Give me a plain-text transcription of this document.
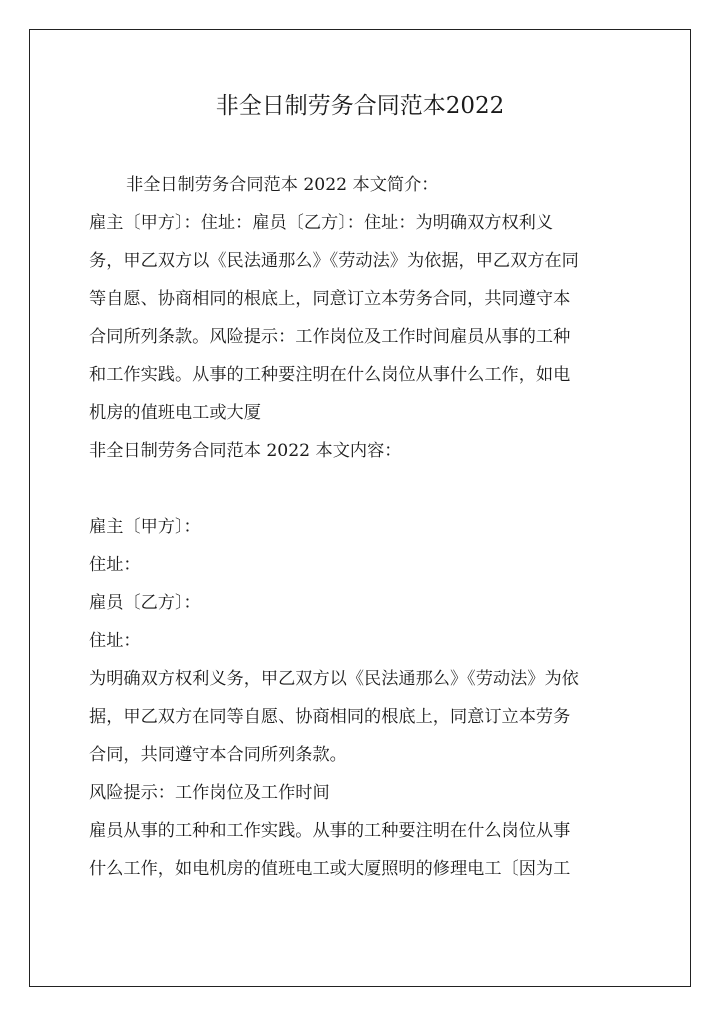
非全日制劳务合同范本2022
非全日制劳务合同范本 2022 本文简介：
雇主〔甲方〕：住址：雇员〔乙方〕：住址：为明确双方权利义
务，甲乙双方以《民法通那么》《劳动法》为依据，甲乙双方在同
等自愿、协商相同的根底上，同意订立本劳务合同，共同遵守本
合同所列条款。风险提示：工作岗位及工作时间雇员从事的工种
和工作实践。从事的工种要注明在什么岗位从事什么工作，如电
机房的值班电工或大厦
非全日制劳务合同范本 2022 本文内容：
雇主〔甲方〕：
住址：
雇员〔乙方〕：
住址：
为明确双方权利义务，甲乙双方以《民法通那么》《劳动法》为依
据，甲乙双方在同等自愿、协商相同的根底上，同意订立本劳务
合同，共同遵守本合同所列条款。
风险提示：工作岗位及工作时间
雇员从事的工种和工作实践。从事的工种要注明在什么岗位从事
什么工作，如电机房的值班电工或大厦照明的修理电工〔因为工
